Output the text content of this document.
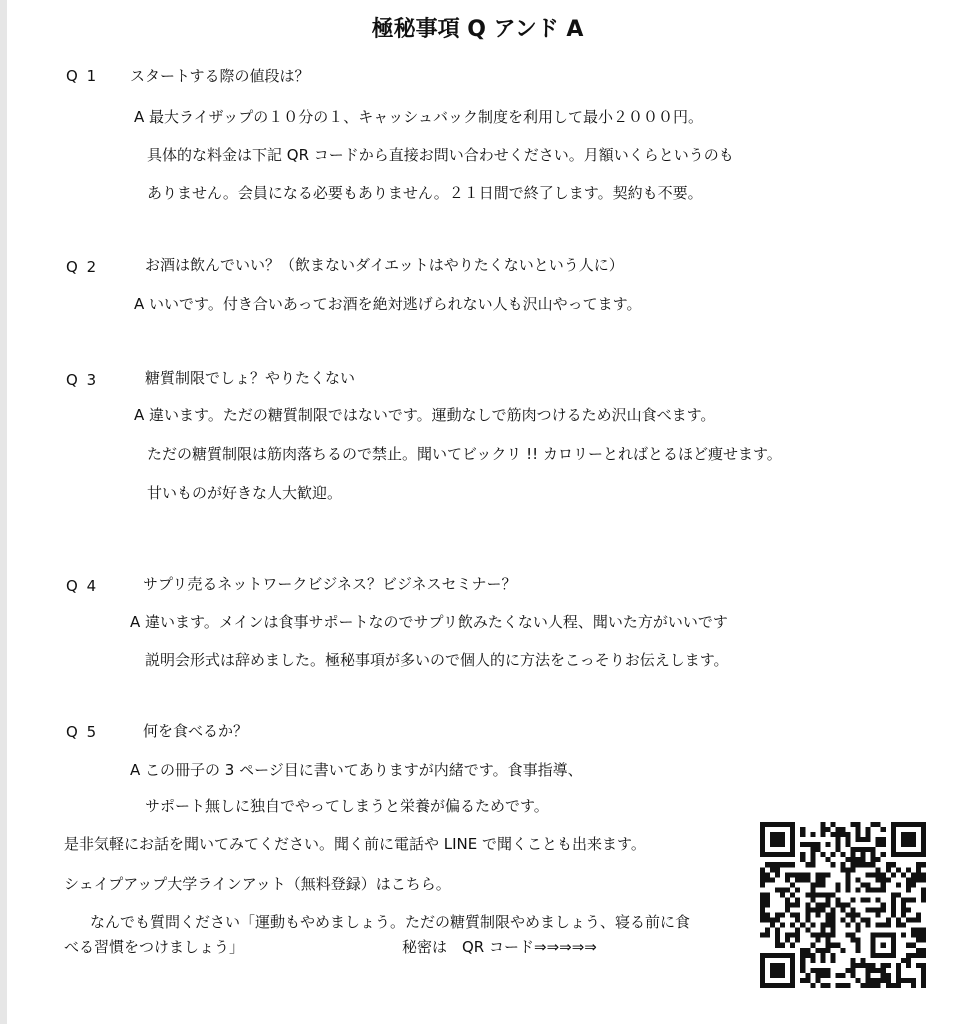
極秘事項 Q アンド A
Q 1 スタートする際の値段は？
A 最大ライザップの１０分の１、キャッシュバック制度を利用して最小２０００円。
具体的な料金は下記 QR コードから直接お問い合わせください。月額いくらというのも
ありません。会員になる必要もありません。２１日間で終了します。契約も不要。
Q 2	お酒は飲んでいい？（飲まないダイエットはやりたくないという人に）
A いいです。付き合いあってお酒を絶対逃げられない人も沢山やってます。
Q 3	糖質制限でしょ？やりたくない
A 違います。ただの糖質制限ではないです。運動なしで筋肉つけるため沢山食べます。
ただの糖質制限は筋肉落ちるので禁止。聞いてビックリ !! カロリーとればとるほど痩せます。
甘いものが好きな人大歓迎。
Q 4	サプリ売るネットワークビジネス？ビジネスセミナー？
A 違います。メインは食事サポートなのでサプリ飲みたくない人程、聞いた方がいいです
説明会形式は辞めました。極秘事項が多いので個人的に方法をこっそりお伝えします。
Q 5	何を食べるか？
A この冊子の 3 ページ目に書いてありますが内緒です。食事指導、
サポート無しに独自でやってしまうと栄養が偏るためです。
是非気軽にお話を聞いてみてください。聞く前に電話や LINE で聞くことも出来ます。
シェイプアップ大学ラインアット（無料登録）はこちら。
なんでも質問ください「運動もやめましょう。ただの糖質制限やめましょう、寝る前に食
べる習慣をつけましょう」	秘密は　QR コード⇒⇒⇒⇒⇒
